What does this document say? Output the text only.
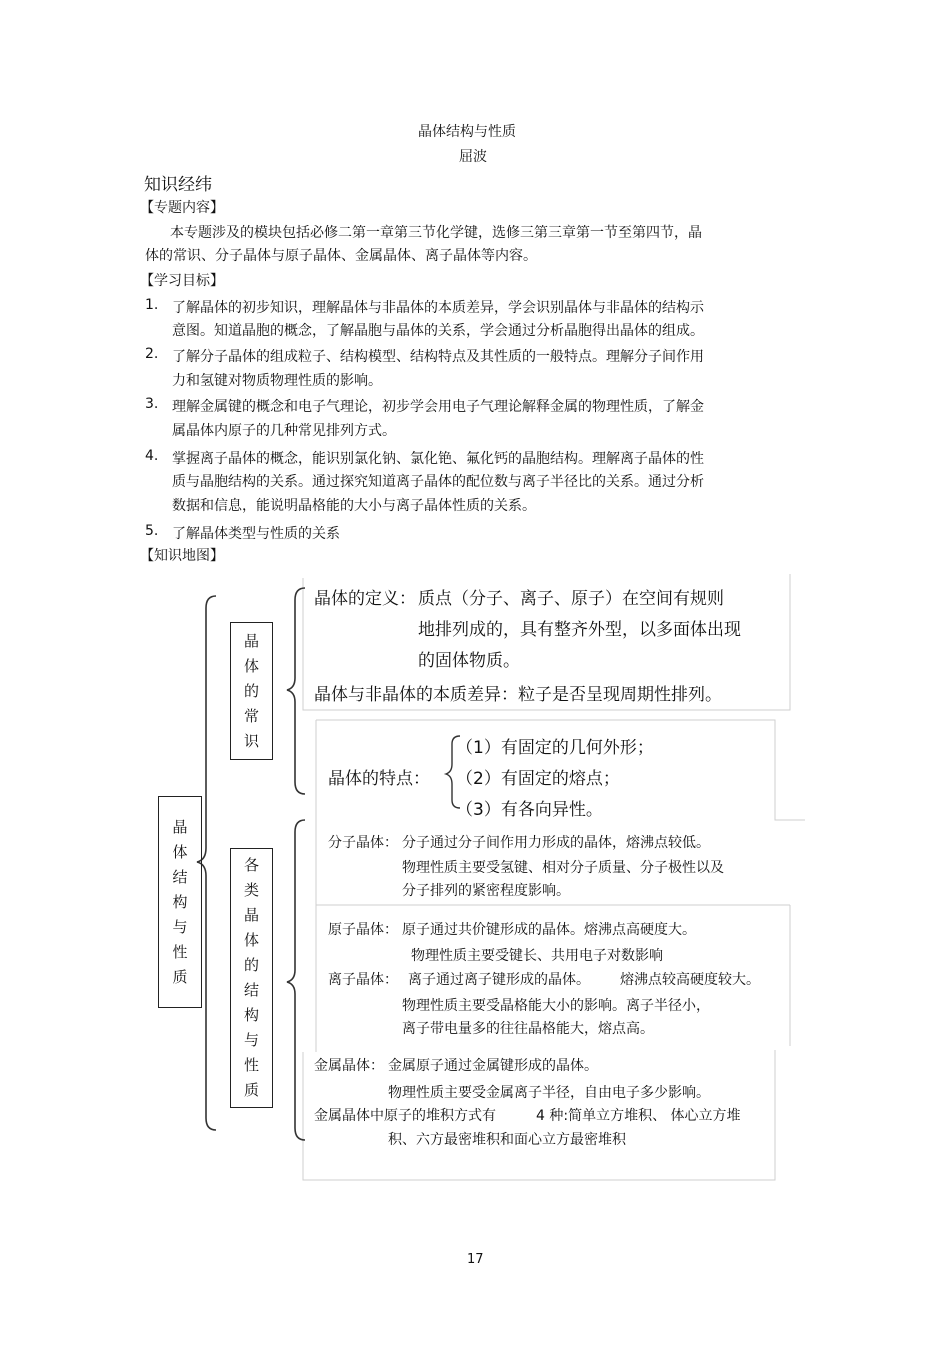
晶体结构与性质
屈波
知识经纬
【专题内容】
本专题涉及的模块包括必修二第一章第三节化学键，选修三第三章第一节至第四节，晶
体的常识、分子晶体与原子晶体、金属晶体、离子晶体等内容。
【学习目标】
1. 了解晶体的初步知识，理解晶体与非晶体的本质差异，学会识别晶体与非晶体的结构示
意图。知道晶胞的概念，了解晶胞与晶体的关系，学会通过分析晶胞得出晶体的组成。
2. 了解分子晶体的组成粒子、结构模型、结构特点及其性质的一般特点。理解分子间作用
力和氢键对物质物理性质的影响。
3. 理解金属键的概念和电子气理论，初步学会用电子气理论解释金属的物理性质，了解金
属晶体内原子的几种常见排列方式。
4. 掌握离子晶体的概念，能识别氯化钠、氯化铯、氟化钙的晶胞结构。理解离子晶体的性
质与晶胞结构的关系。通过探究知道离子晶体的配位数与离子半径比的关系。通过分析
数据和信息，能说明晶格能的大小与离子晶体性质的关系。
5. 了解晶体类型与性质的关系
【知识地图】
晶
体
结
构
与
性
质
晶
体
的
常
识
各
类
晶
体
的
结
构
与
性
质
晶体的定义： 质点（分子、离子、原子）在空间有规则
地排列成的，具有整齐外型，以多面体出现
的固体物质。
晶体与非晶体的本质差异：粒子是否呈现周期性排列。
晶体的特点：
（1）有固定的几何外形；
（2）有固定的熔点；
（3）有各向异性。
分子晶体： 分子通过分子间作用力形成的晶体，熔沸点较低。
物理性质主要受氢键、相对分子质量、分子极性以及
分子排列的紧密程度影响。
原子晶体： 原子通过共价键形成的晶体。熔沸点高硬度大。
物理性质主要受键长、共用电子对数影响
离子晶体： 离子通过离子键形成的晶体。 熔沸点较高硬度较大。
物理性质主要受晶格能大小的影响。离子半径小，
离子带电量多的往往晶格能大，熔点高。
金属晶体： 金属原子通过金属键形成的晶体。
物理性质主要受金属离子半径，自由电子多少影响。
金属晶体中原子的堆积方式有	4 种:简单立方堆积、 体心立方堆
积、六方最密堆积和面心立方最密堆积
17
